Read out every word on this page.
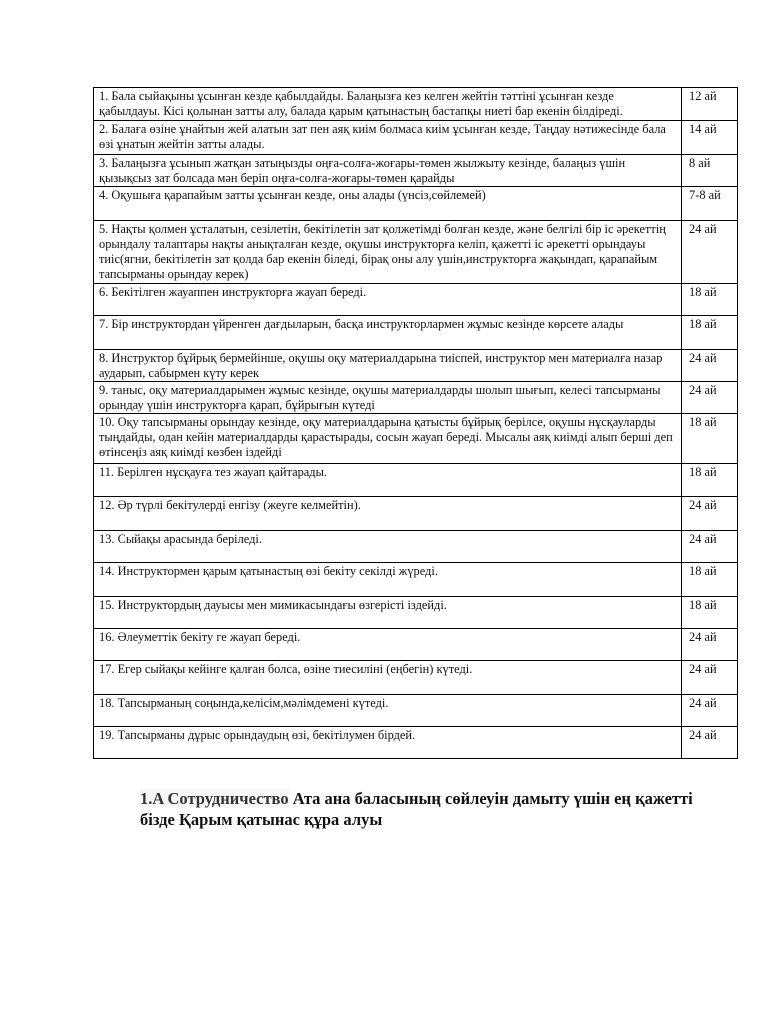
1. Бала сыйақыны ұсынған кезде қабылдайды. Балаңызға кез келген жейтін тәттіні ұсынған кезде қабылдауы. Кісі қолынан затты алу, балада қарым қатынастың бастапқы ниеті бар екенін білдіреді.	12 ай
2. Балаға өзіне ұнайтын жей алатын зат пен аяқ киім болмаса киім ұсынған кезде, Таңдау нәтижесінде бала өзі ұнатын жейтін затты алады.	14 ай
3. Балаңызға ұсынып жатқан затыңызды оңға-солға-жоғары-төмен жылжыту кезінде, балаңыз үшін қызықсыз зат болсада мән беріп оңға-солға-жоғары-төмен қарайды	8 ай
4. Оқушыға қарапайым затты ұсынған кезде, оны алады (үнсіз,сөйлемей)	7-8 ай
5. Нақты қолмен ұсталатын, сезілетін, бекітілетін зат қолжетімді болған кезде, және белгілі бір іс әрекеттің орындалу талаптары нақты анықталған кезде, оқушы инструкторға келіп, қажетті іс әрекетті орындауы тиіс(ягни, бекітілетін зат қолда бар екенін біледі, бірақ оны алу үшін,инструкторға жақындап, қарапайым тапсырманы орындау керек)	24 ай
6. Бекітілген жауаппен инструкторға жауап береді.	18 ай
7. Бір инструктордан үйренген дағдыларын, басқа инструкторлармен жұмыс кезінде көрсете алады	18 ай
8. Инструктор бұйрық бермейінше, оқушы оқу материалдарына тиіспей, инструктор мен материалға назар аударып, сабырмен күту керек	24 ай
9. таныс, оқу материалдарымен жұмыс кезінде, оқушы материалдарды шолып шығып, келесі тапсырманы орындау үшін инструкторға қарап, бұйрығын күтеді	24 ай
10. Оқу тапсырманы орындау кезінде, оқу материалдарына қатысты бұйрық берілсе, оқушы нұсқауларды тыңдайды, одан кейін материалдарды қарастырады, сосын жауап береді. Мысалы аяқ киімді алып берші деп өтінсеңіз аяқ киімді көзбен іздейді	18 ай
11. Берілген нұсқауға тез жауап қайтарады.	18 ай
12. Әр түрлі бекітулерді енгізу (жеуге келмейтін).	24 ай
13. Сыйақы арасында беріледі.	24 ай
14. Инструктормен қарым қатынастың өзі бекіту секілді жүреді.	18 ай
15. Инструктордың дауысы мен мимикасындағы өзгерісті іздейді.	18 ай
16. Әлеуметтік бекіту ге жауап береді.	24 ай
17. Егер сыйақы кейінге қалған болса, өзіне тиесиліні (еңбегін) күтеді.	24 ай
18. Тапсырманың соңында,келісім,мәлімдемені күтеді.	24 ай
19. Тапсырманы дұрыс орындаудың өзі, бекітілумен бірдей.	24 ай
1.A Сотрудничество Ата ана баласының сөйлеуін дамыту үшін ең қажетті бізде Қарым қатынас құра алуы
